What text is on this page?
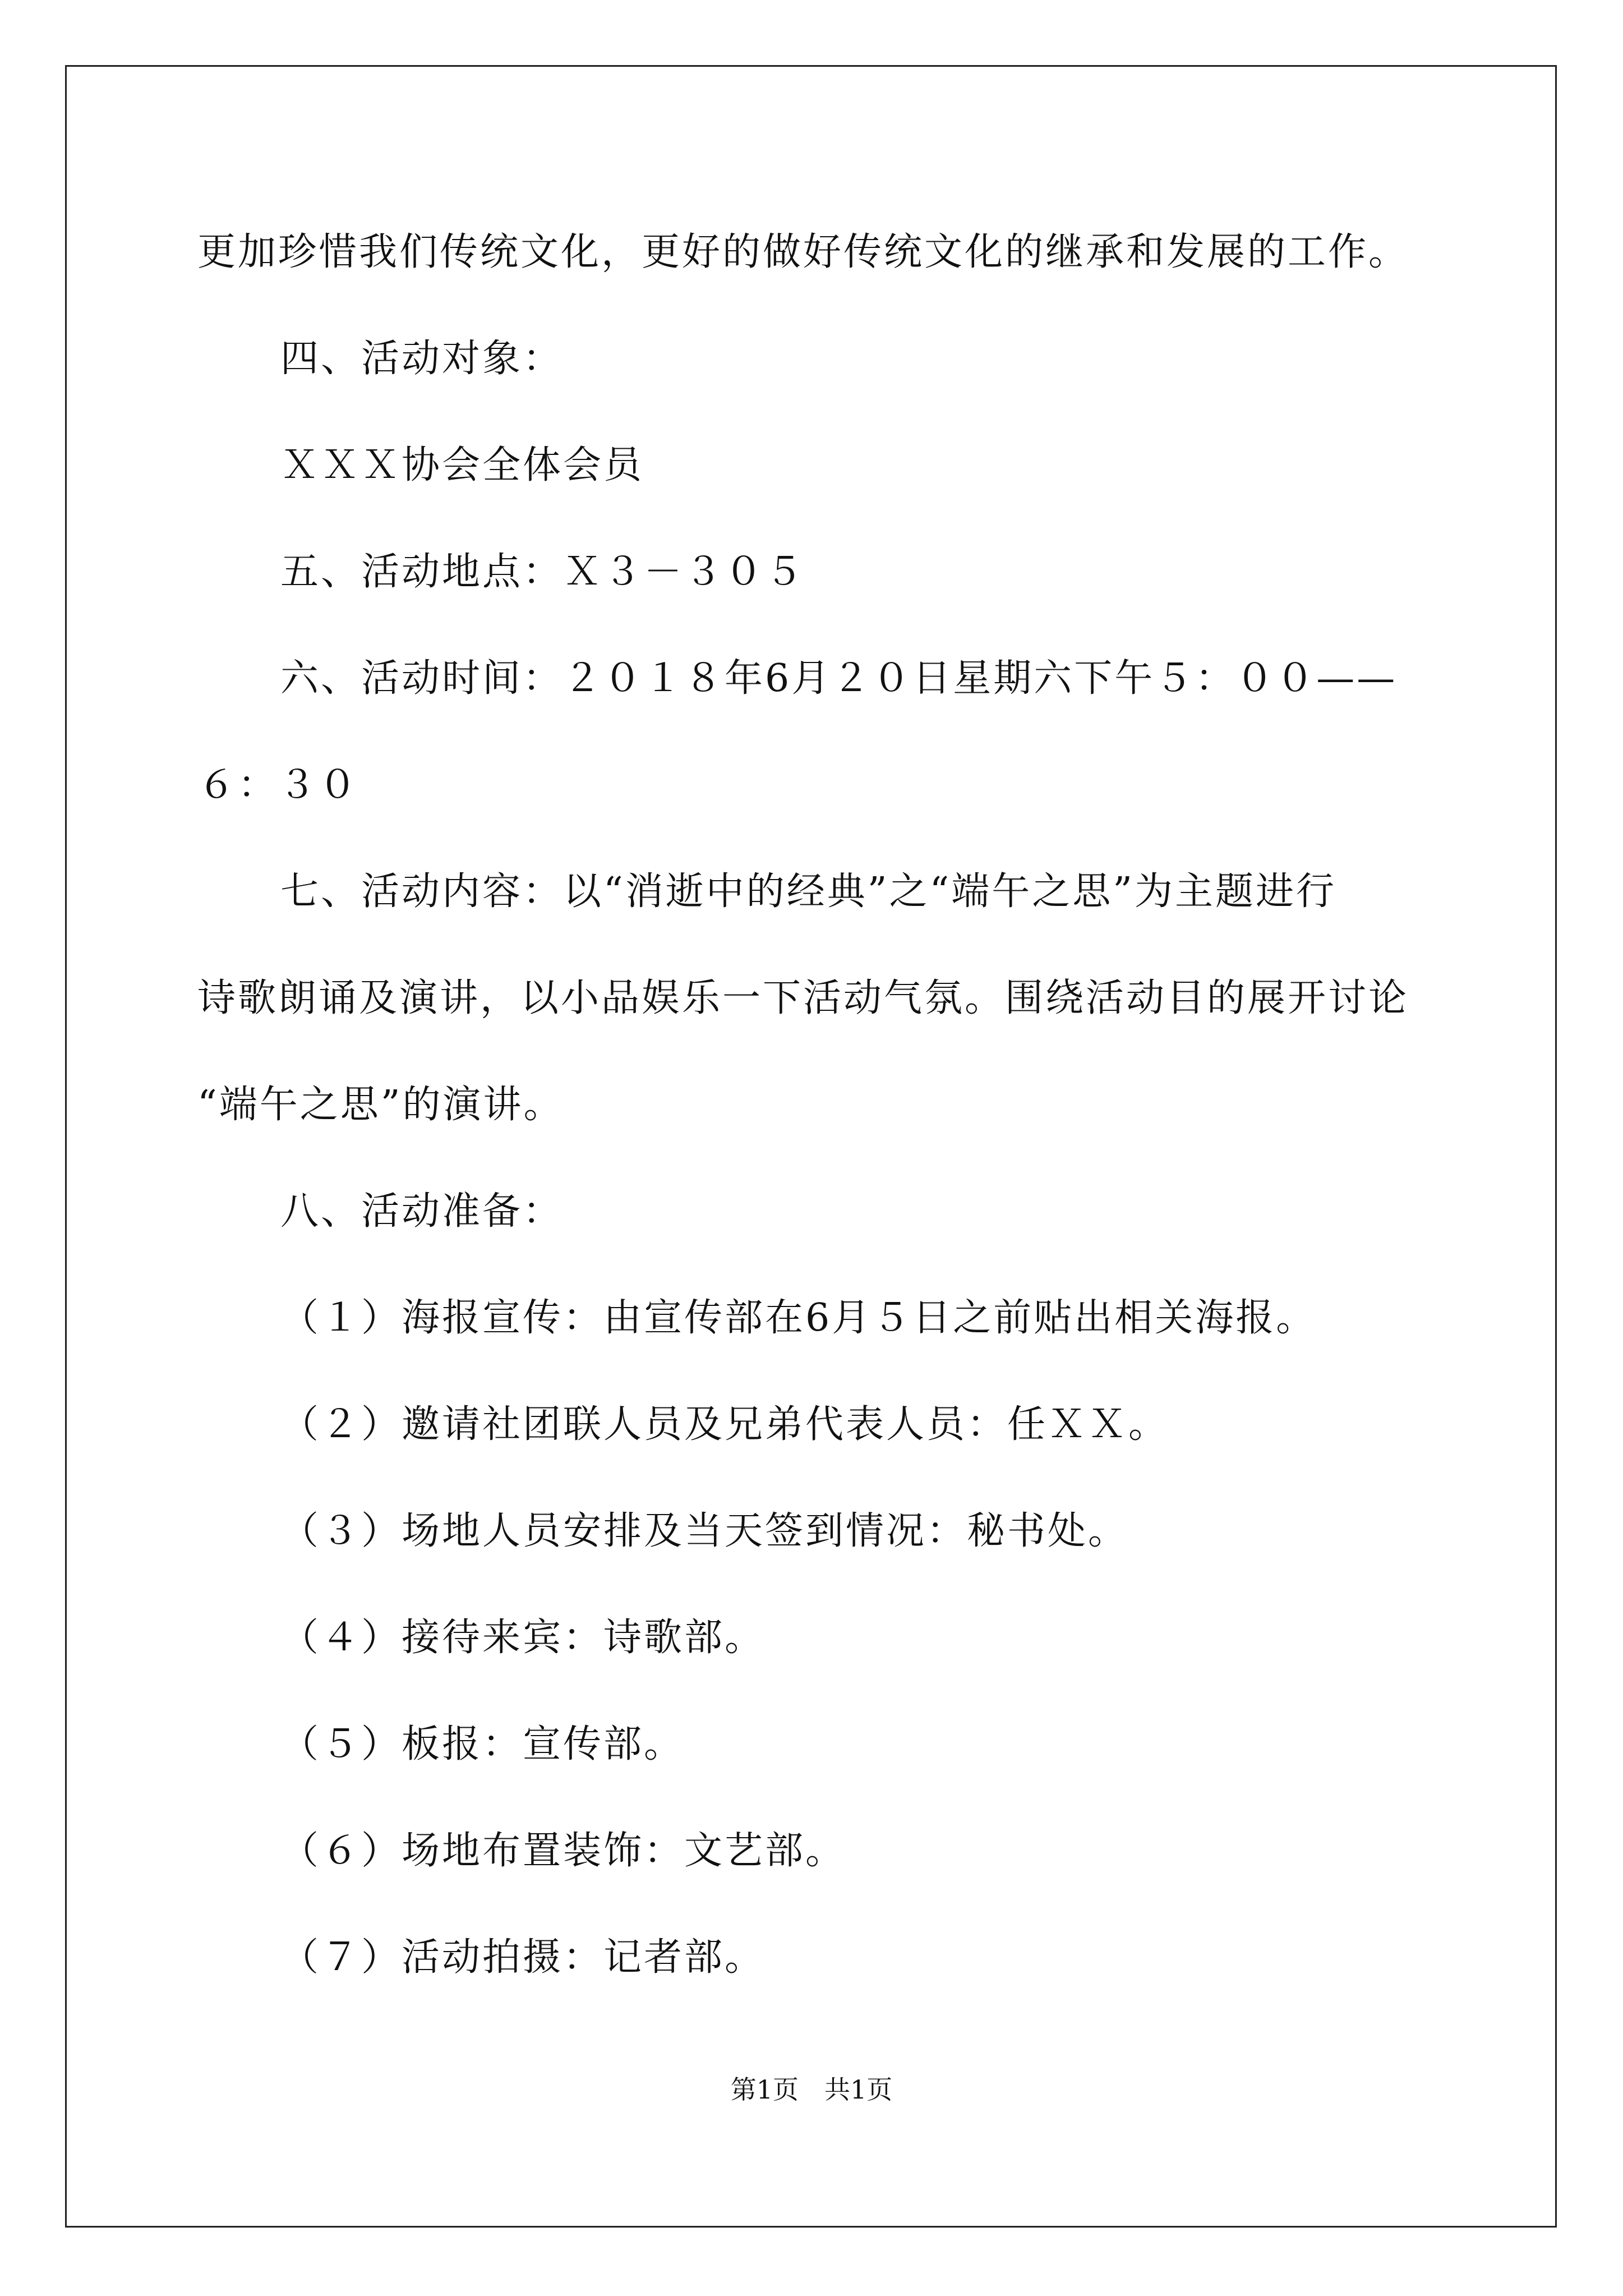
更加珍惜我们传统文化，更好的做好传统文化的继承和发展的工作。
四、活动对象：
ＸＸＸ协会全体会员
五、活动地点：Ｘ３－３０５
六、活动时间：２０１８年6月２０日星期六下午５：００——
６：３０
七、活动内容：以“消逝中的经典”之“端午之思”为主题进行
诗歌朗诵及演讲，以小品娱乐一下活动气氛。围绕活动目的展开讨论
“端午之思”的演讲。
八、活动准备：
（１）海报宣传：由宣传部在6月５日之前贴出相关海报。
（２）邀请社团联人员及兄弟代表人员：任ＸＸ。
（３）场地人员安排及当天签到情况：秘书处。
（４）接待来宾：诗歌部。
（５）板报：宣传部。
（６）场地布置装饰：文艺部。
（７）活动拍摄：记者部。
第1页　共1页
